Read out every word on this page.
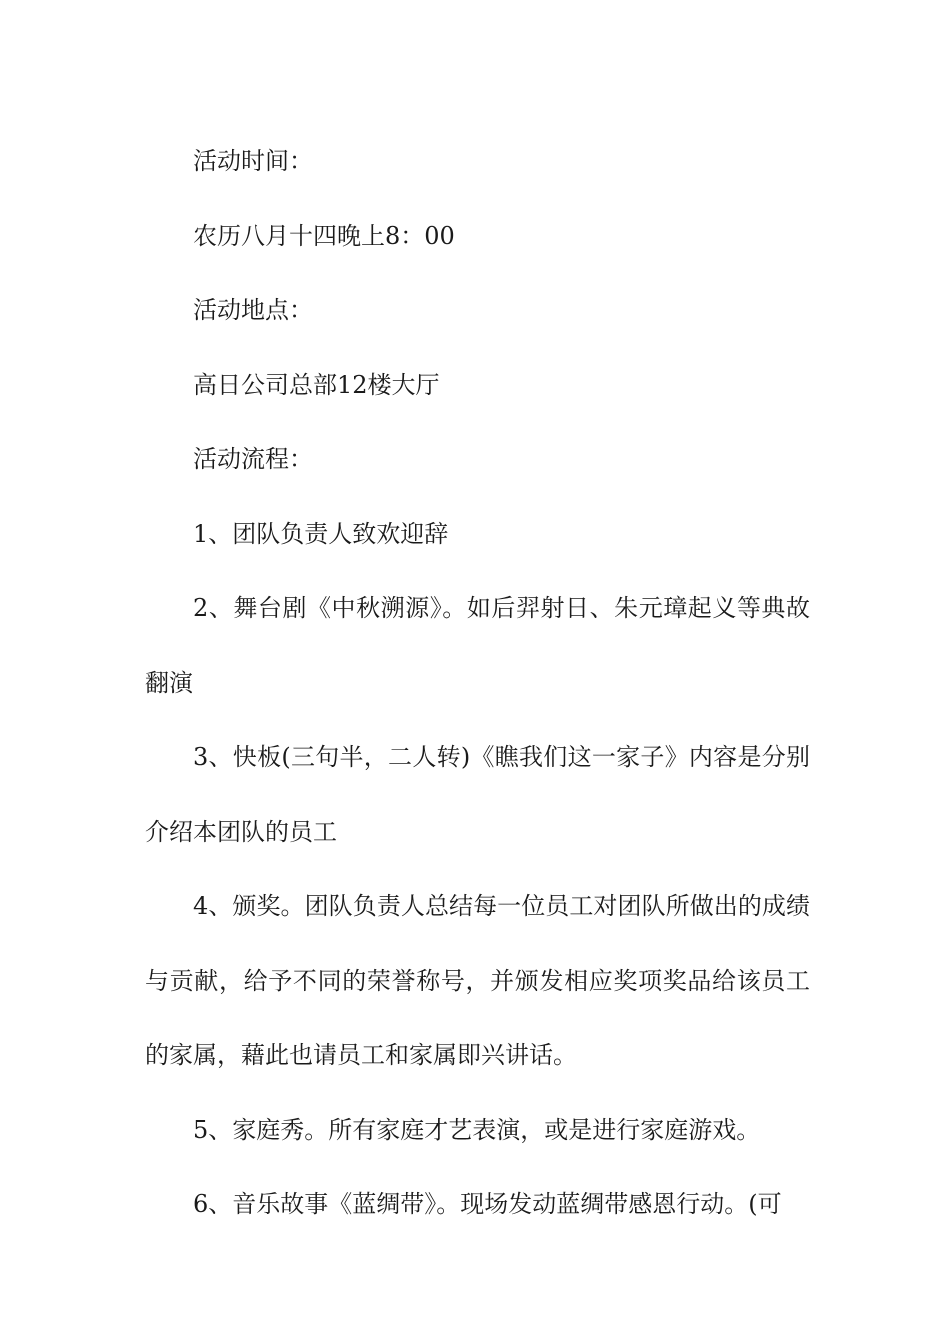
活动时间：

农历八月十四晚上8：00

活动地点：

高日公司总部12楼大厅

活动流程：

1、团队负责人致欢迎辞

2、舞台剧《中秋溯源》。如后羿射日、朱元璋起义等典故翻演

3、快板(三句半，二人转)《瞧我们这一家子》内容是分别介绍本团队的员工

4、颁奖。团队负责人总结每一位员工对团队所做出的成绩与贡献，给予不同的荣誉称号，并颁发相应奖项奖品给该员工的家属，藉此也请员工和家属即兴讲话。

5、家庭秀。所有家庭才艺表演，或是进行家庭游戏。

6、音乐故事《蓝绸带》。现场发动蓝绸带感恩行动。(可
